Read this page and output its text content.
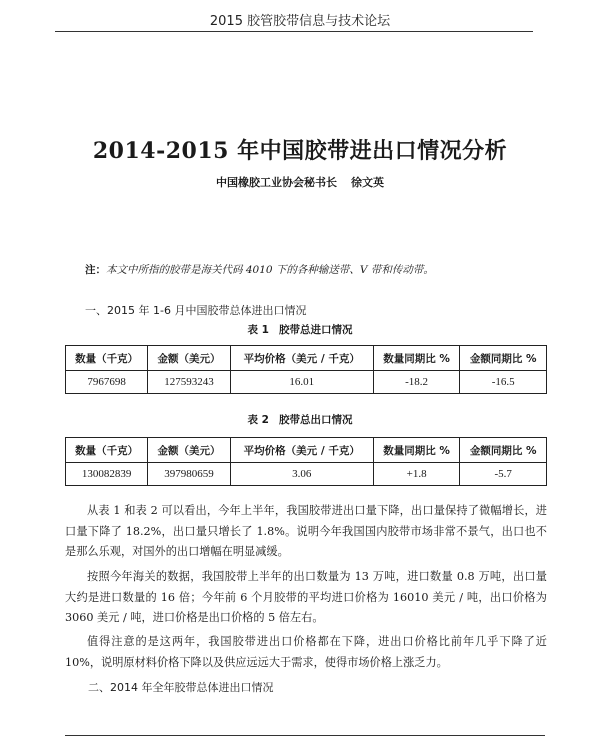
2015 胶管胶带信息与技术论坛
2014-2015 年中国胶带进出口情况分析
中国橡胶工业协会秘书长 徐文英
注：本文中所指的胶带是海关代码 4010 下的各种输送带、V 带和传动带。
一、2015 年 1-6 月中国胶带总体进出口情况
表 1 胶带总进口情况
数量（千克）	金额（美元）	平均价格（美元 / 千克）	数量同期比 %	金额同期比 %
7967698	127593243	16.01	-18.2	-16.5
表 2 胶带总出口情况
数量（千克）	金额（美元）	平均价格（美元 / 千克）	数量同期比 %	金额同期比 %
130082839	397980659	3.06	+1.8	-5.7
从表 1 和表 2 可以看出，今年上半年，我国胶带进出口量下降，出口量保持了微幅增长，进口量下降了 18.2%，出口量只增长了 1.8%。说明今年我国国内胶带市场非常不景气，出口也不是那么乐观，对国外的出口增幅在明显减缓。
按照今年海关的数据，我国胶带上半年的出口数量为 13 万吨，进口数量 0.8 万吨，出口量大约是进口数量的 16 倍；今年前 6 个月胶带的平均进口价格为 16010 美元 / 吨，出口价格为 3060 美元 / 吨，进口价格是出口价格的 5 倍左右。
值得注意的是这两年，我国胶带进出口价格都在下降，进出口价格比前年几乎下降了近 10%，说明原材料价格下降以及供应远远大于需求，使得市场价格上涨乏力。
二、2014 年全年胶带总体进出口情况
